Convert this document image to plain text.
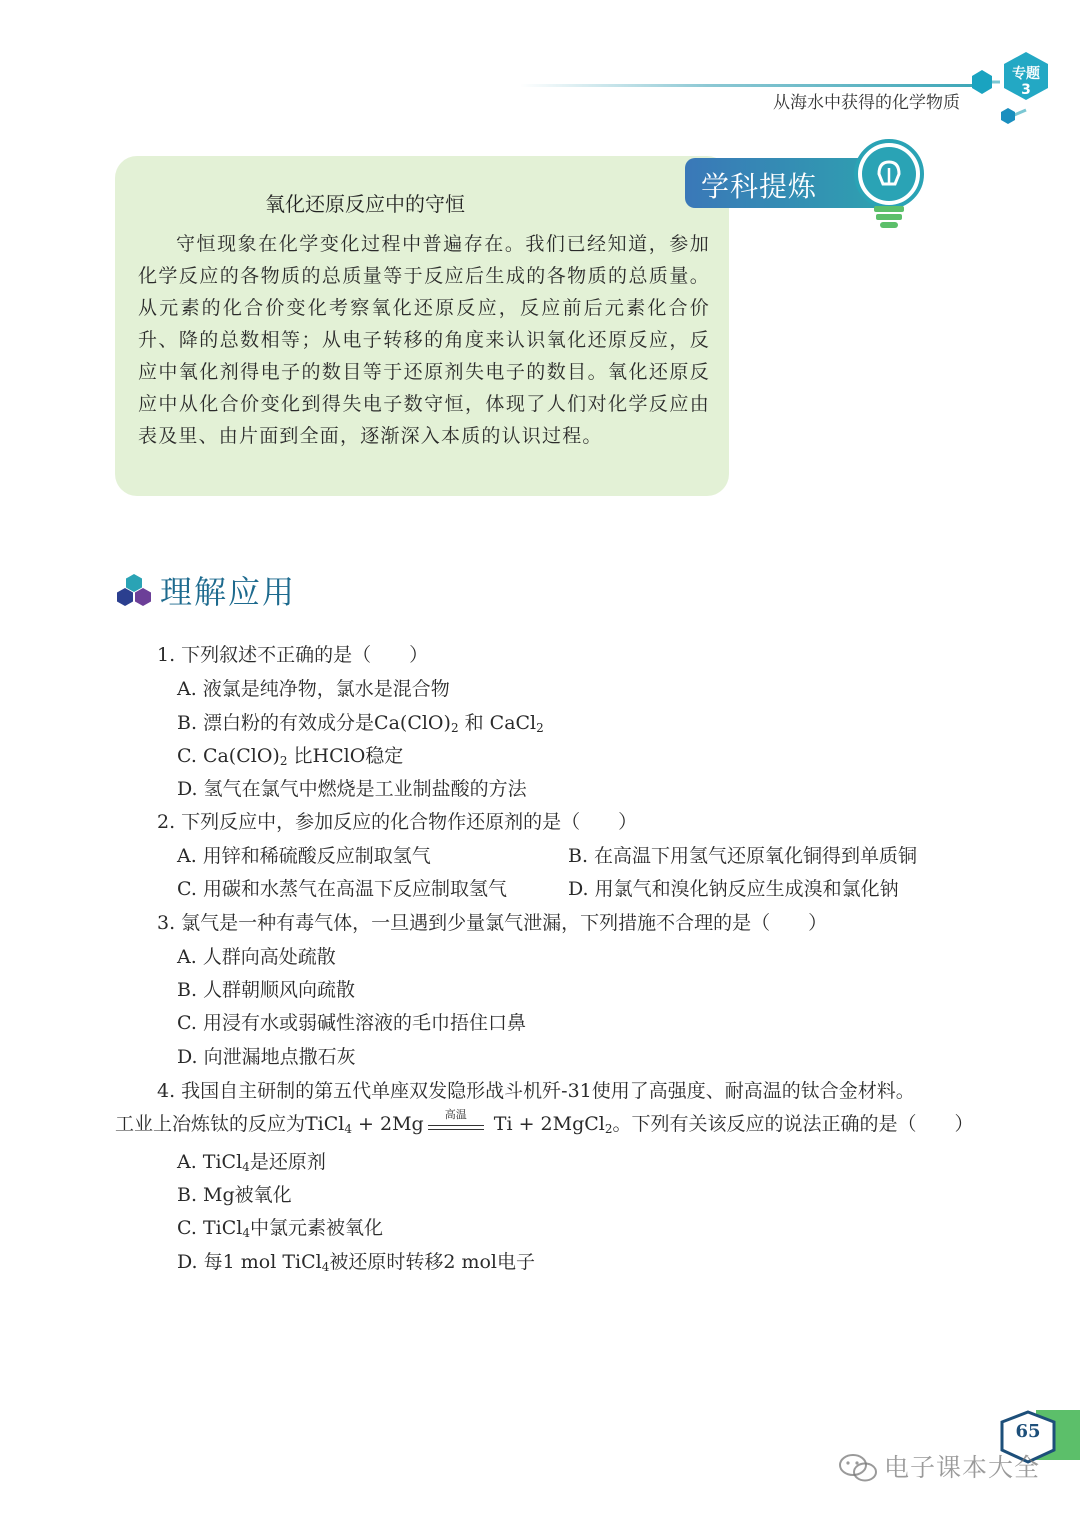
从海水中获得的化学物质
专题
3
学科提炼
氧化还原反应中的守恒

守恒现象在化学变化过程中普遍存在。我们已经知道，参加化学反应的各物质的总质量等于反应后生成的各物质的总质量。从元素的化合价变化考察氧化还原反应，反应前后元素化合价升、降的总数相等；从电子转移的角度来认识氧化还原反应，反应中氧化剂得电子的数目等于还原剂失电子的数目。氧化还原反应中从化合价变化到得失电子数守恒，体现了人们对化学反应由表及里、由片面到全面，逐渐深入本质的认识过程。

理解应用
1. 下列叙述不正确的是（　　）
A. 液氯是纯净物，氯水是混合物
B. 漂白粉的有效成分是$Ca(ClO)_2$ 和 CaCl$_2$
C. $Ca(ClO)_2$ 比HClO稳定
D. 氢气在氯气中燃烧是工业制盐酸的方法
2. 下列反应中，参加反应的化合物作还原剂的是（　　）
A. 用锌和稀硫酸反应制取氢气	B. 在高温下用氢气还原氧化铜得到单质铜
C. 用碳和水蒸气在高温下反应制取氢气	D. 用氯气和溴化钠反应生成溴和氯化钠
3. 氯气是一种有毒气体，一旦遇到少量氯气泄漏，下列措施不合理的是（　　）
A. 人群向高处疏散
B. 人群朝顺风向疏散
C. 用浸有水或弱碱性溶液的毛巾捂住口鼻
D. 向泄漏地点撒石灰
4. 我国自主研制的第五代单座双发隐形战斗机歼-31使用了高强度、耐高温的钛合金材料。
工业上冶炼钛的反应为TiCl$_4$ + 2Mg	高温	Ti + 2MgCl$_2$。下列有关该反应的说法正确的是（　　）
A. TiCl$_4$是还原剂
B. Mg被氧化
C. TiCl$_4$中氯元素被氧化
D. 每1 mol TiCl$_4$被还原时转移2 mol电子
65
电子课本大全
